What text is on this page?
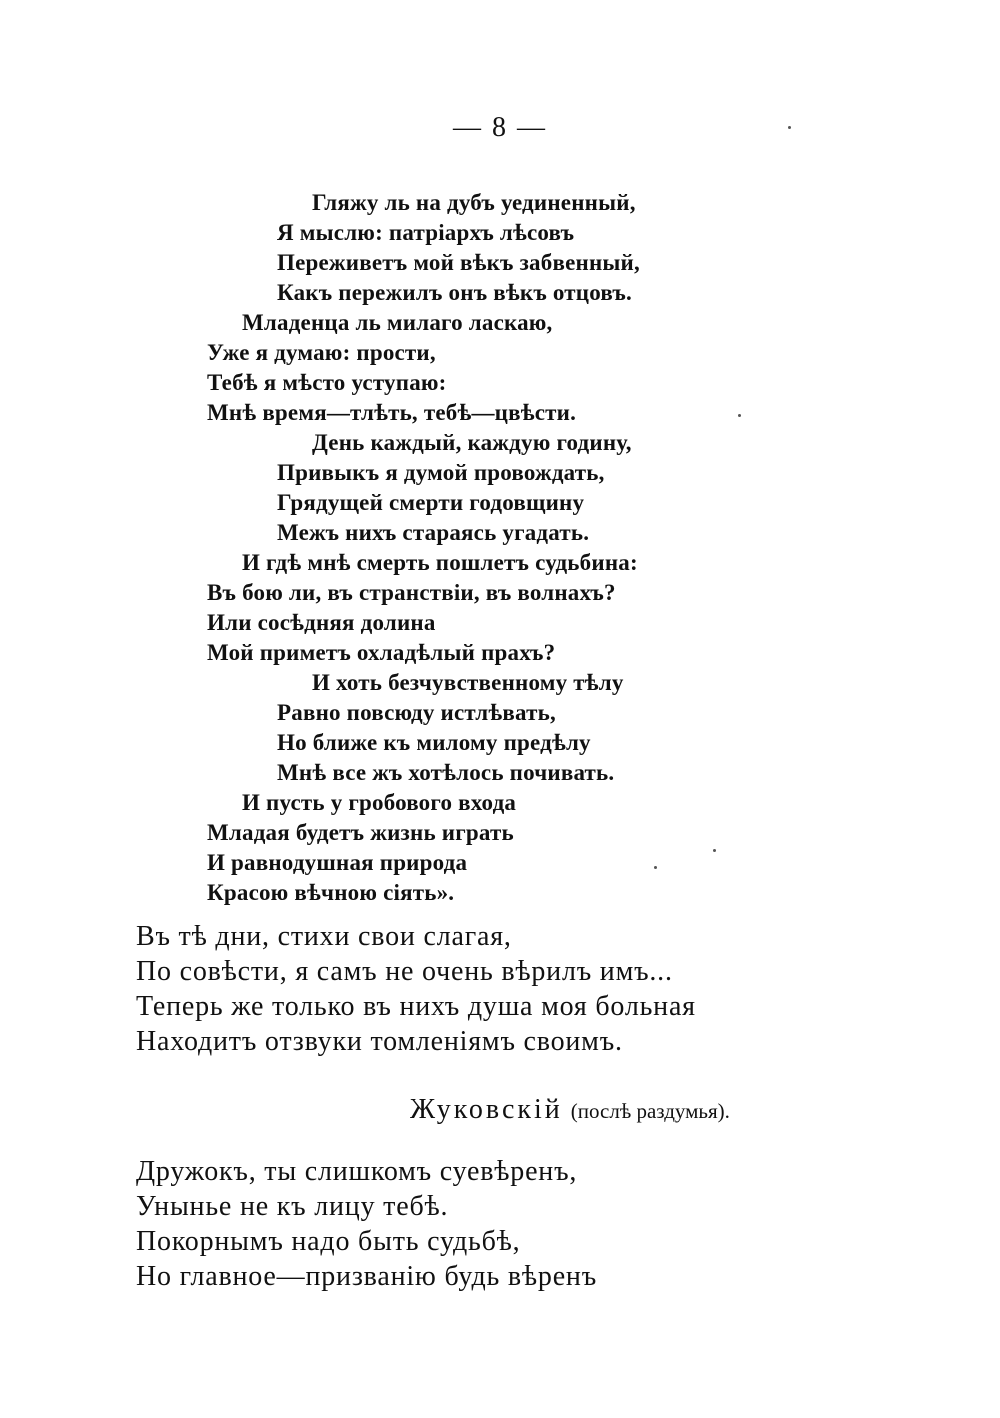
— 8 —
Гляжу ль на дубъ уединенный,
Я мыслю: патріархъ лѣсовъ
Переживетъ мой вѣкъ забвенный,
Какъ пережилъ онъ вѣкъ отцовъ.
Младенца ль милаго ласкаю,
Уже я думаю: прости,
Тебѣ я мѣсто уступаю:
Мнѣ время—тлѣть, тебѣ—цвѣсти.
День каждый, каждую годину,
Привыкъ я думой провождать,
Грядущей смерти годовщину
Межъ нихъ стараясь угадать.
И гдѣ мнѣ смерть пошлетъ судьбина:
Въ бою ли, въ странствіи, въ волнахъ?
Или сосѣдняя долина
Мой приметъ охладѣлый прахъ?
И хоть безчувственному тѣлу
Равно повсюду истлѣвать,
Но ближе къ милому предѣлу
Мнѣ все жъ хотѣлось почивать.
И пусть у гробового входа
Младая будетъ жизнь играть
И равнодушная природа
Красою вѣчною сіять».
Въ тѣ дни, стихи свои слагая,
По совѣсти, я самъ не очень вѣрилъ имъ...
Теперь же только въ нихъ душа моя больная
Находитъ отзвуки томленіямъ своимъ.
Жуковскій (послѣ раздумья).
Дружокъ, ты слишкомъ суевѣренъ,
Унынье не къ лицу тебѣ.
Покорнымъ надо быть судьбѣ,
Но главное—призванію будь вѣренъ
